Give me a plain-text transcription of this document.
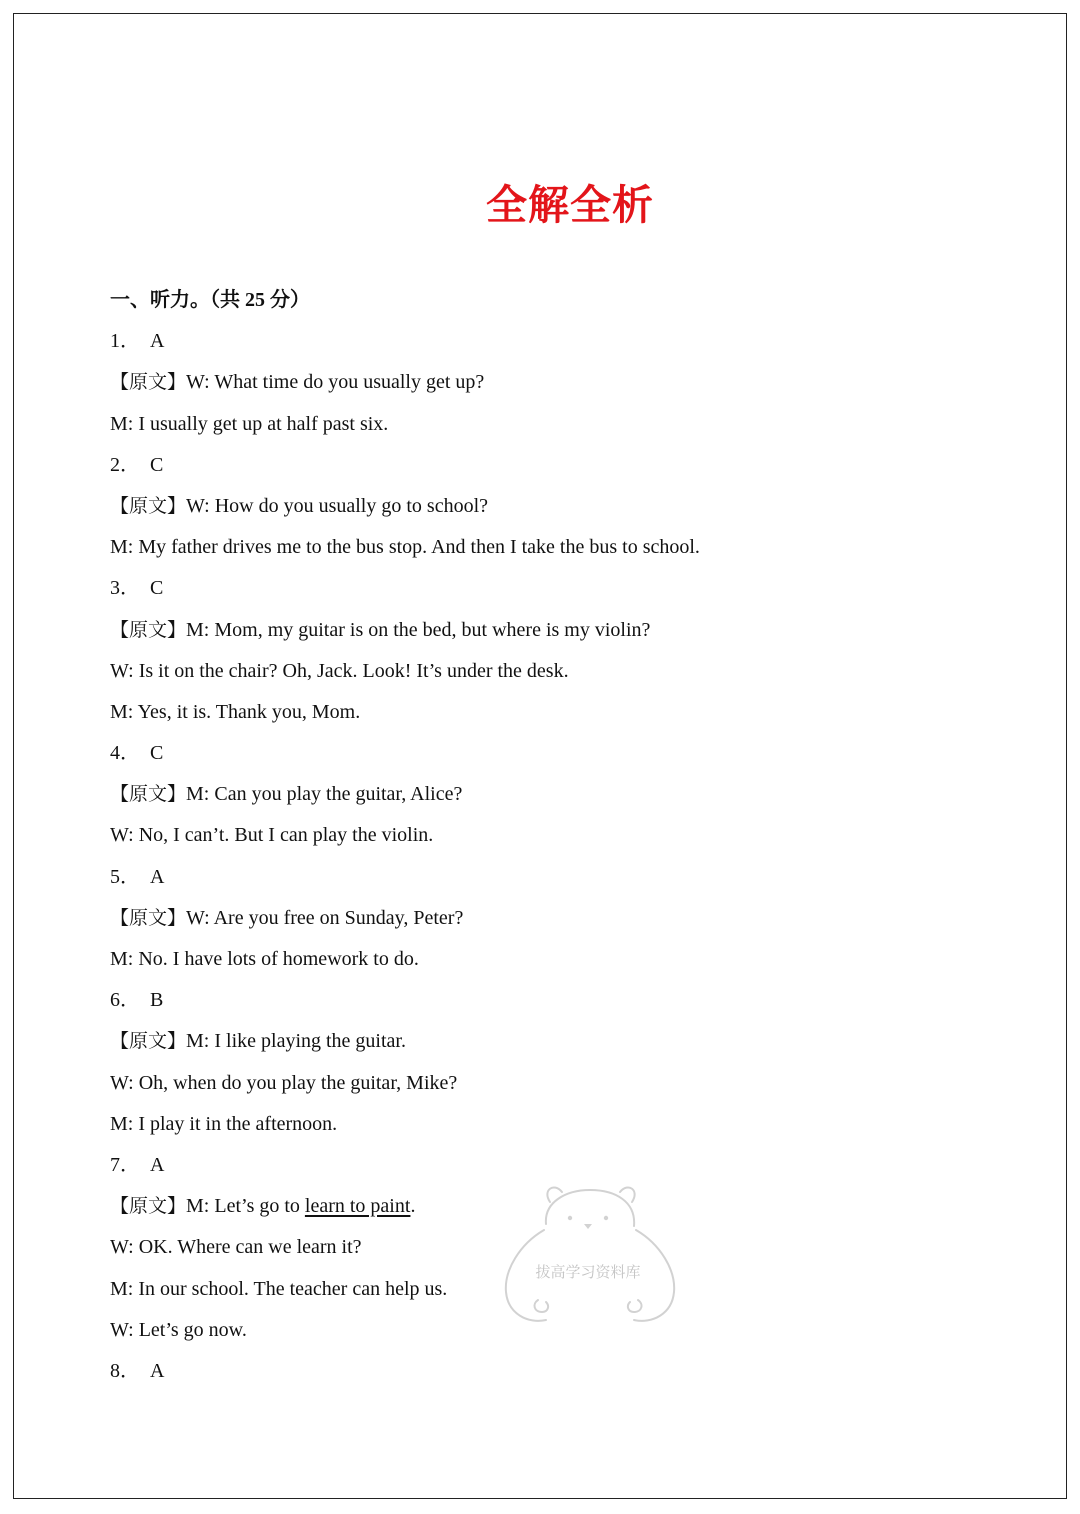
全解全析
一、听力。（共 25 分）
1． A
【原文】W: What time do you usually get up?
M: I usually get up at half past six.
2． C
【原文】W: How do you usually go to school?
M: My father drives me to the bus stop. And then I take the bus to school.
3． C
【原文】M: Mom, my guitar is on the bed, but where is my violin?
W: Is it on the chair? Oh, Jack. Look! It’s under the desk.
M: Yes, it is. Thank you, Mom.
4． C
【原文】M: Can you play the guitar, Alice?
W: No, I can’t. But I can play the violin.
5． A
【原文】W: Are you free on Sunday, Peter?
M: No. I have lots of homework to do.
6． B
【原文】M: I like playing the guitar.
W: Oh, when do you play the guitar, Mike?
M: I play it in the afternoon.
7． A
【原文】M: Let’s go to learn to paint.
W: OK. Where can we learn it?
M: In our school. The teacher can help us.
W: Let’s go now.
8． A
拔高学习资料库
